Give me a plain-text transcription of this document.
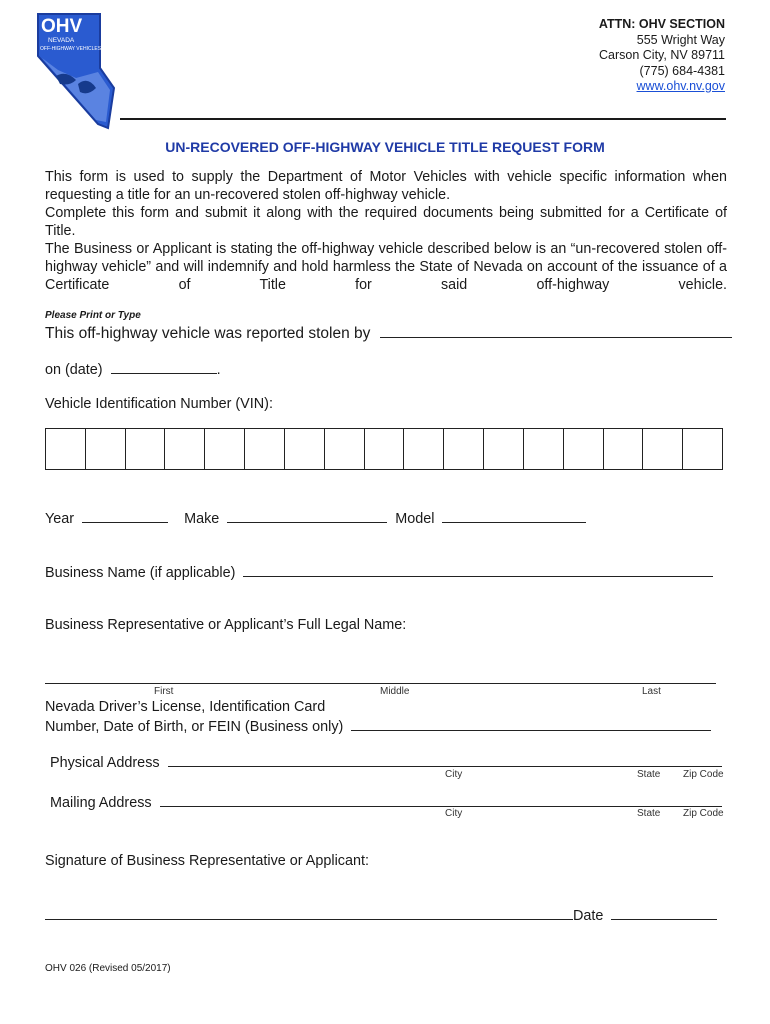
OHV
NEVADA
OFF-HIGHWAY VEHICLES
ATTN: OHV SECTION
555 Wright Way
Carson City, NV 89711
(775) 684-4381
www.ohv.nv.gov
UN-RECOVERED OFF-HIGHWAY VEHICLE TITLE REQUEST FORM

This form is used to supply the Department of Motor Vehicles with vehicle specific information when requesting a title for an un-recovered stolen off-highway vehicle.

Complete this form and submit it along with the required documents being submitted for a Certificate of Title.

The Business or Applicant is stating the off-highway vehicle described below is an “un-recovered stolen off-highway vehicle” and will indemnify and hold harmless the State of Nevada on account of the issuance of a Certificate of Title for said off-highway vehicle.

Please Print or Type
This off-highway vehicle was reported stolen by
on (date)	.
Vehicle Identification Number (VIN):
Year	Make	Model
Business Name (if applicable)
Business Representative or Applicant’s Full Legal Name:
First	Middle	Last
Nevada Driver’s License, Identification Card
Number, Date of Birth, or FEIN (Business only)
Physical Address
City	State Zip Code
Mailing Address
City	State Zip Code
Signature of Business Representative or Applicant:
Date
OHV 026 (Revised 05/2017)
